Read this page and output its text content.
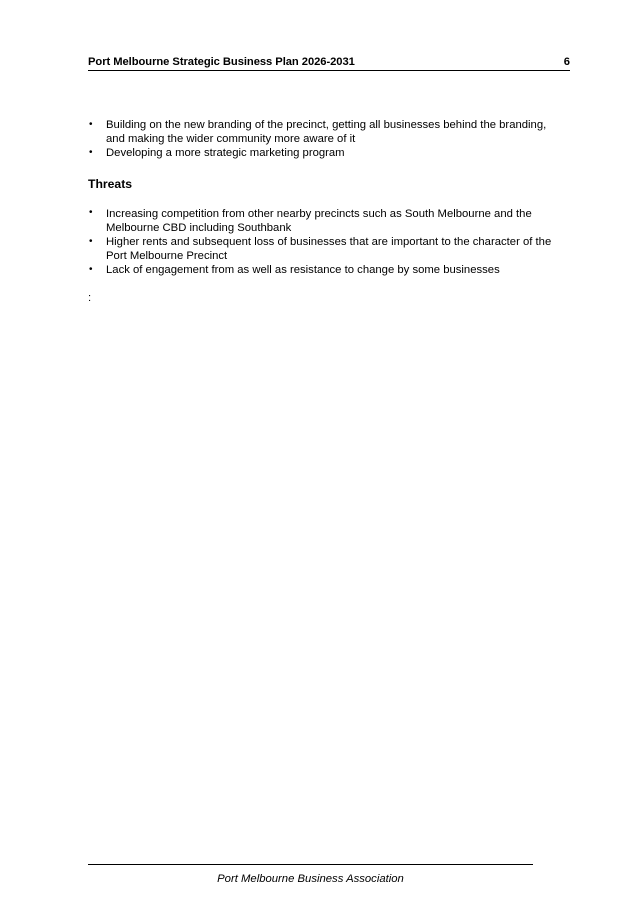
Port Melbourne Strategic Business Plan 2026-2031	6
• Building on the new branding of the precinct, getting all businesses behind the branding, and making the wider community more aware of it
• Developing a more strategic marketing program
Threats
• Increasing competition from other nearby precincts such as South Melbourne and the Melbourne CBD including Southbank
• Higher rents and subsequent loss of businesses that are important to the character of the Port Melbourne Precinct
• Lack of engagement from as well as resistance to change by some businesses
:
Port Melbourne Business Association
